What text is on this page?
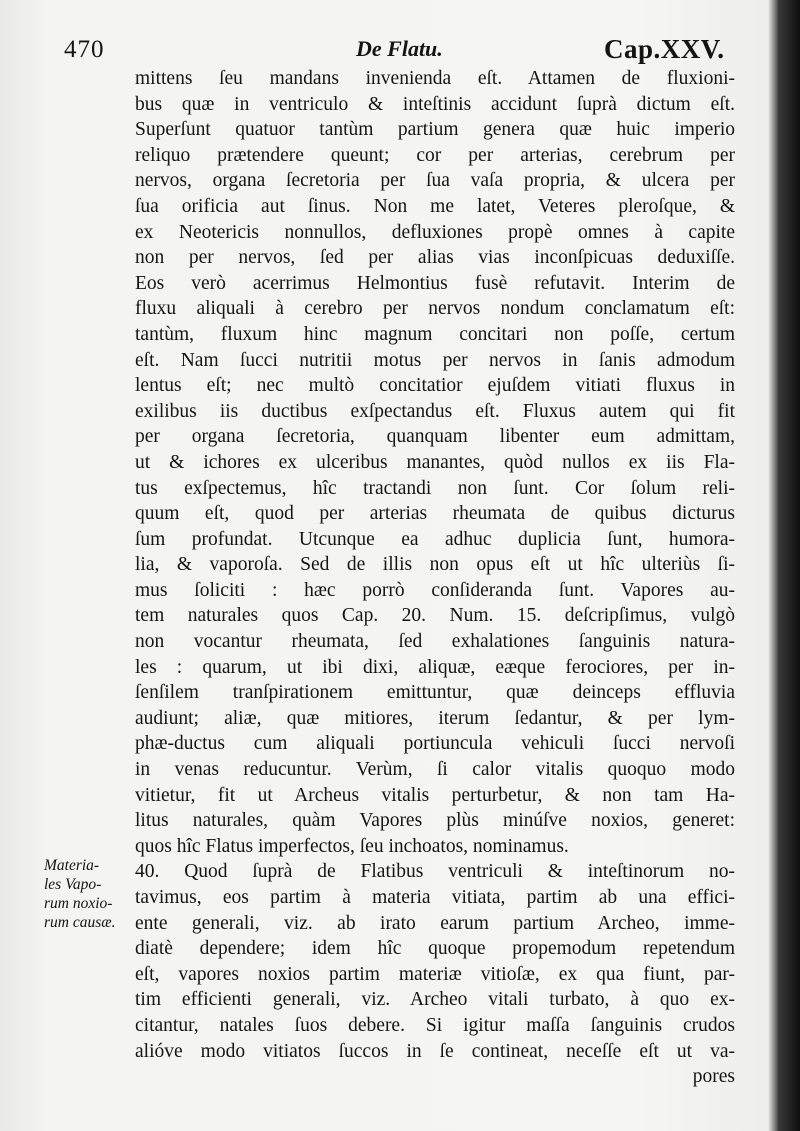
470	De Flatu.	Cap.XXV.
mittens ſeu mandans invenienda eſt. Attamen de fluxioni-
bus quæ in ventriculo & inteſtinis accidunt ſuprà dictum eſt.
Superſunt quatuor tantùm partium genera quæ huic imperio
reliquo prætendere queunt; cor per arterias, cerebrum per
nervos, organa ſecretoria per ſua vaſa propria, & ulcera per
ſua orificia aut ſinus. Non me latet, Veteres pleroſque, &
ex Neotericis nonnullos, defluxiones propè omnes à capite
non per nervos, ſed per alias vias inconſpicuas deduxiſſe.
Eos verò acerrimus Helmontius fusè refutavit. Interim de
fluxu aliquali à cerebro per nervos nondum conclamatum eſt:
tantùm, fluxum hinc magnum concitari non poſſe, certum
eſt. Nam ſucci nutritii motus per nervos in ſanis admodum
lentus eſt; nec multò concitatior ejuſdem vitiati fluxus in
exilibus iis ductibus exſpectandus eſt. Fluxus autem qui fit
per organa ſecretoria, quanquam libenter eum admittam,
ut & ichores ex ulceribus manantes, quòd nullos ex iis Fla-
tus exſpectemus, hîc tractandi non ſunt. Cor ſolum reli-
quum eſt, quod per arterias rheumata de quibus dicturus
ſum profundat. Utcunque ea adhuc duplicia ſunt, humora-
lia, & vaporoſa. Sed de illis non opus eſt ut hîc ulteriùs ſi-
mus ſoliciti : hæc porrò conſideranda ſunt. Vapores au-
tem naturales quos Cap. 20. Num. 15. deſcripſimus, vulgò
non vocantur rheumata, ſed exhalationes ſanguinis natura-
les : quarum, ut ibi dixi, aliquæ, eæque ferociores, per in-
ſenſilem tranſpirationem emittuntur, quæ deinceps effluvia
audiunt; aliæ, quæ mitiores, iterum ſedantur, & per lym-
phæ-ductus cum aliquali portiuncula vehiculi ſucci nervoſi
in venas reducuntur. Verùm, ſi calor vitalis quoquo modo
vitietur, fit ut Archeus vitalis perturbetur, & non tam Ha-
litus naturales, quàm Vapores plùs minúſve noxios, generet:
quos hîc Flatus imperfectos, ſeu inchoatos, nominamus.
40. Quod ſuprà de Flatibus ventriculi & inteſtinorum no-
tavimus, eos partim à materia vitiata, partim ab una effici-
ente generali, viz. ab irato earum partium Archeo, imme-
diatè dependere; idem hîc quoque propemodum repetendum
eſt, vapores noxios partim materiæ vitioſæ, ex qua fiunt, par-
tim efficienti generali, viz. Archeo vitali turbato, à quo ex-
citantur, natales ſuos debere. Si igitur maſſa ſanguinis crudos
alióve modo vitiatos ſuccos in ſe contineat, neceſſe eſt ut va-
pores
Materia-
les Vapo-
rum noxio-
rum causæ.
